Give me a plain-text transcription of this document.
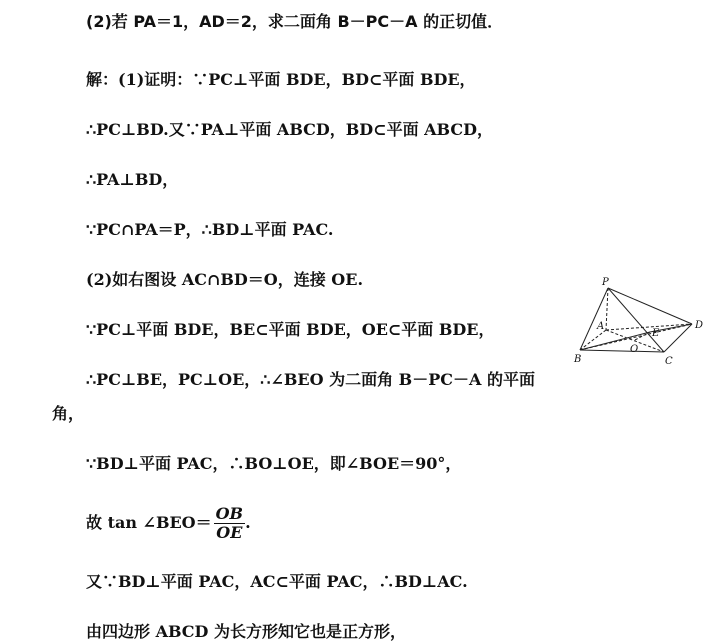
(2)若 PA＝1，AD＝2，求二面角 B－PC－A 的正切值．
解：(1)证明：∵PC⊥平面 BDE，BD⊂平面 BDE，
∴PC⊥BD.又∵PA⊥平面 ABCD，BD⊂平面 ABCD，
∴PA⊥BD，
∵PC∩PA＝P，∴BD⊥平面 PAC.
(2)如右图设 AC∩BD＝O，连接 OE.
∵PC⊥平面 BDE，BE⊂平面 BDE，OE⊂平面 BDE，
∴PC⊥BE，PC⊥OE，∴∠BEO 为二面角 B－PC－A 的平面
角，
∵BD⊥平面 PAC，∴BO⊥OE，即∠BOE＝90°，
故 tan ∠BEO＝ $\frac{OB}{OE}$ .
又∵BD⊥平面 PAC，AC⊂平面 PAC，∴BD⊥AC.
由四边形 ABCD 为长方形知它也是正方形，
P
A
B	C
D
E
O
